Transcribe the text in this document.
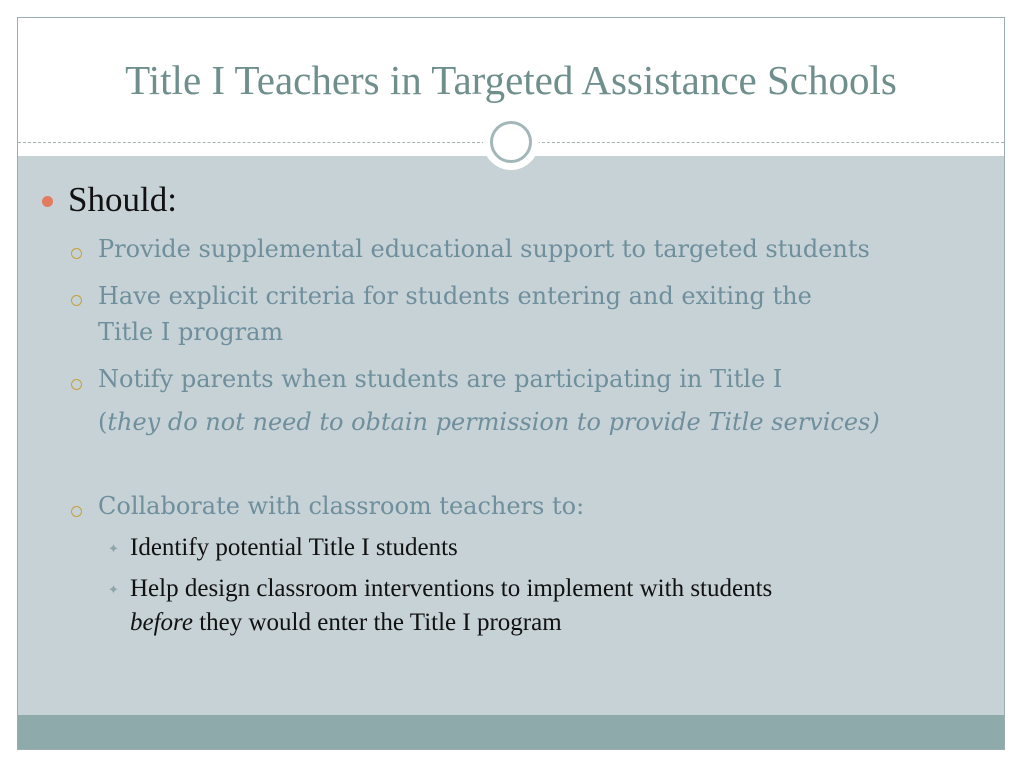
Title I Teachers in Targeted Assistance Schools
Should:
Provide supplemental educational support to targeted students
Have explicit criteria for students entering and exiting the
Title I program
Notify parents when students are participating in Title I
(they do not need to obtain permission to provide Title services)
Collaborate with classroom teachers to:
✦ Identify potential Title I students
✦ Help design classroom interventions to implement with students
before they would enter the Title I program
